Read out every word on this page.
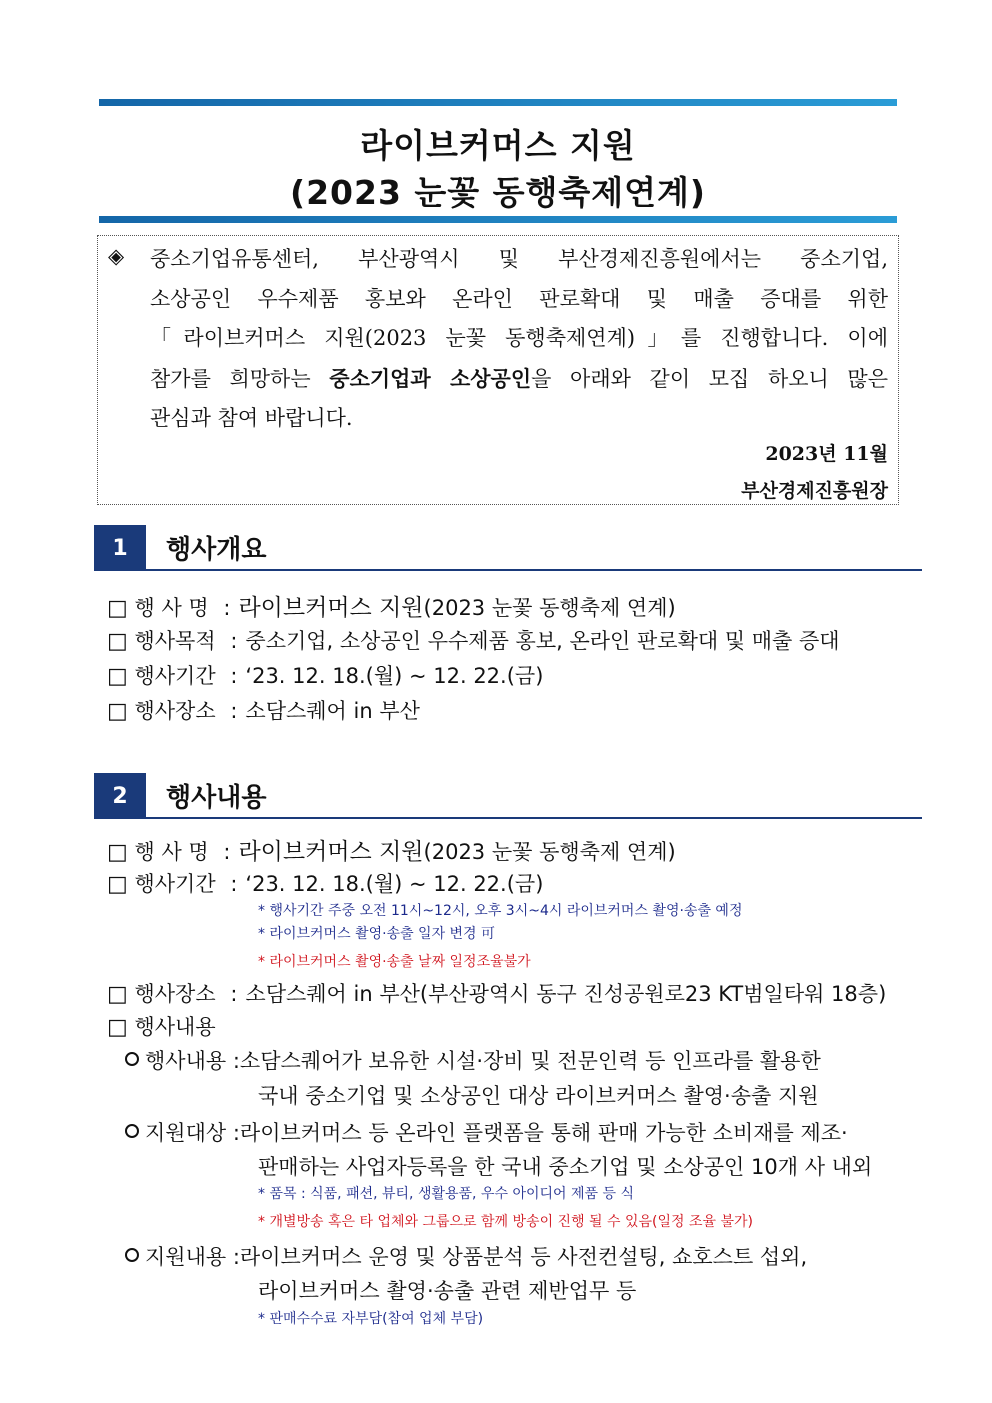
라이브커머스 지원
(2023 눈꽃 동행축제연계)
◈ 중소기업유통센터, 부산광역시 및 부산경제진흥원에서는 중소기업,
소상공인 우수제품 홍보와 온라인 판로확대 및 매출 증대를 위한
「라이브커머스 지원(2023 눈꽃 동행축제연계)」를 진행합니다. 이에
참가를 희망하는 중소기업과 소상공인을 아래와 같이 모집 하오니 많은
관심과 참여 바랍니다.
2023년 11월
부산경제진흥원장
1	행사개요
□ 행 사 명 : 라이브커머스 지원(2023 눈꽃 동행축제 연계)
□ 행사목적 : 중소기업, 소상공인 우수제품 홍보, 온라인 판로확대 및 매출 증대
□ 행사기간 : ‘23. 12. 18.(월) ~ 12. 22.(금)
□ 행사장소 : 소담스퀘어 in 부산
2	행사내용
□ 행 사 명 : 라이브커머스 지원(2023 눈꽃 동행축제 연계)
□ 행사기간 : ‘23. 12. 18.(월) ~ 12. 22.(금)
* 행사기간 주중 오전 11시~12시, 오후 3시~4시 라이브커머스 촬영·송출 예정
* 라이브커머스 촬영·송출 일자 변경 可
* 라이브커머스 촬영·송출 날짜 일정조율불가
□ 행사장소 : 소담스퀘어 in 부산(부산광역시 동구 진성공원로23 KT범일타워 18층)
□ 행사내용
행사내용 :소담스퀘어가 보유한 시설·장비 및 전문인력 등 인프라를 활용한
국내 중소기업 및 소상공인 대상 라이브커머스 촬영·송출 지원
지원대상 :라이브커머스 등 온라인 플랫폼을 통해 판매 가능한 소비재를 제조·
판매하는 사업자등록을 한 국내 중소기업 및 소상공인 10개 사 내외
* 품목 : 식품, 패션, 뷰티, 생활용품, 우수 아이디어 제품 등 식
* 개별방송 혹은 타 업체와 그룹으로 함께 방송이 진행 될 수 있음(일정 조율 불가)
지원내용 :라이브커머스 운영 및 상품분석 등 사전컨설팅, 쇼호스트 섭외,
라이브커머스 촬영·송출 관련 제반업무 등
* 판매수수료 자부담(참여 업체 부담)
